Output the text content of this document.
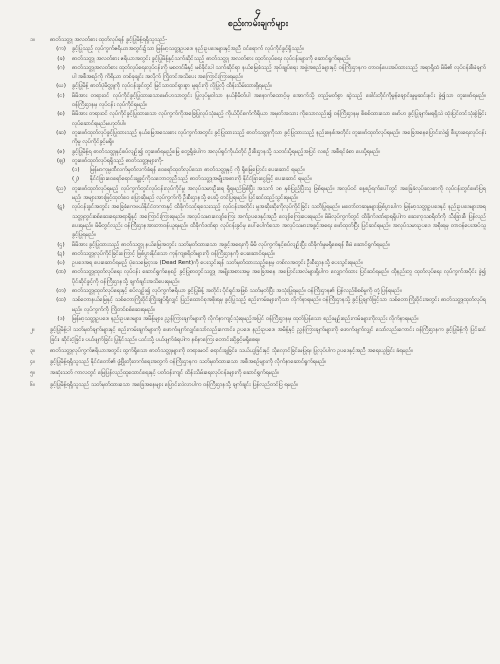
၄
စည်းကမ်းချက်များ
၁။	ဓာတ်သတ္တု အလတ်စား ထုတ်လုပ်ရန် ခွင့်ပြုမိန့်ရရှိသူသည်-
(က)	ခွင့်ပြုသည့် လုပ်ကွက်ဧရိယာအတွင်း၌သာ မြန်မာ့သတ္တုဥပဒေ၊ နည်းဥပဒေများနှင့်အညီ ဝင်ရောက် လုပ်ကိုင်ခွင့်ရှိသည်။
(ခ)	ဓာတ်သတ္တု အလတ်စား ဧရိယာအတွင်း ခွင့်ပြုမိန့်နှင့်သက်ဆိုင်သည့် ဓာတ်သတ္တု အလတ်စား ထုတ်လုပ်ရေး လုပ်ငန်းများကို ဆောင်ရွက်ရမည်။
(ဂ)	ဓာတ်သတ္တုအလတ်စား ထုတ်လုပ်ရေးလုပ်ငန်းကို မစတင်မီနှင့် မစ်ခိုင်းပါ သက်ဆိုင်ရာ နယ်မြေခံသည့် အုပ်ချုပ်ရေး အဖွဲ့အစည်းများနှင့် ဝန်ကြီးဌာနက တာဝန်ပေးအပ်ထားသည့် အရာရှိထံ မိမိ၏ လုပ်ငန်းစီမံချက်ပါ အစီအစဉ်ကို ကိရိယာ တစ်ခုချင်း အလိုက် ကြိုတင်အသိပေး အကြောင်းကြားရမည်။
(ဃ)	ခွင့်ပြုမိန့် ဓာတ်ပုံမိတ္တူကို လုပ်ငန်းခွင်တွင် မြင်သာထင်ရှားစွာ မူရင်းကို လိုပြုလို ထိန်းသိမ်းထားရှိရမည်။
(င)	မိမိအား တရားဝင် လုပ်ကိုင်ခွင့်ပြုထားသောမော်ဟသာတွင်း ပြုလုပ်မှုဝါသာ နယ်နိမိတ်ပါ အနောက်ထောင့်မှ အောက်သို့ တည့်မတ်စွာ ဆွဲသည့် ခေါင်းတိုင်ကိုမွန်ချောင်းမှုမှုဆင်းနင်း ခွဲ၍သာ တူးဖော်ရမည်။ ဝန်ကြီးဌာနမှ လုပ်ငန်း လုပ်ကိုင်ရမည်။
(စ)	မိမိအား တရားဝင် လုပ်ကိုင်ခွင့်ပြုထားသော လုပ်ကွက်ကိုအခြေပြုလုပ်သုံးမည့် ကိုယ်ပိုင်စက်ကိရိယာ အမှတ်အသား ကိုသောလည်း၍ ဝန်ကြီးဌာနမှ စိစစ်ထားသော မော်ဟ ခွင့်ပြုချက်မရရှိသဲ ထုံးပြင်တင်သုံးစွဲခြင်း လုပ်ဆောင်ရမည်မဟုတ်ပါ။
(ဆ)	တူးဖော်ထုတ်လုပ်ခွင့်ပြုထားသည့် နယ်မြေအသေးစား လုပ်ကွက်အတွင်း ခွင့်ပြုထားသည့် ဓာတ်သတ္တုကိုသာ ခွင့်ပြုထားသည့် နည်းစနစ်အတိုင်း တူးဖော်ထုတ်လုပ်ရမည်။ အခြေအနေပြောင်းလဲ၍ စီးပွားရေးလုပ်ငန်းကိုမူ လုပ်ကိုင်ခွင့်မရှိ။
(ဇ)	ခွင့်ပြုမိန့်ရ ဓာတ်သတ္တုနှင့်စပ်လျဉ်း၍ တူးဖော်ရမည့်မြေ တွေ့ရှိခဲ့ပါက အလုပ်ရှင်ကိုယ်တိုင် ဦးစီးဌာနသို့ သတင်းပို့ရမည့်အပြင် လစဉ် အစီရင်ခံစာ ပေးပို့ရမည်။
(ဈ)	တူးဖော်ထုတ်လုပ်ရရှိသည့် ဓာတ်သတ္တုများကို-
(၁)	မြန်မာကုမ္ပဏီလက်မှတ်လက်ခံရန် ဝေရော်ထုတ်လုပ်သော ဓာတ်သတ္တုနှင့် ကို ရှိမြေပြောင်း ပေးဆောင် ရမည်။
(၂)	နိုင်ငံခြားဝေရော်ရောင်းချခွင့်ကိုသဘောတူညီသည့် ဓာတ်သတ္တုအမျိုးအစားကို နိုင်ငံခြားငွေဖြင့် ပေးဆောင် ရမည်။
(ည)	တူးဖော်ထုတ်လုပ်ရမည့် လုပ်ကွက်တွင်လုပ်ငန်းလုပ်ကိုင်မှု အလုပ်သမားဦးရေ ရှိရမည်ဖြစ်ပြီး အသက် ၁၈ နှစ်ပြည့်ပြီးသူ ဖြစ်ရမည်။ အလုပ်ဝင် နေ့စဉ်ရက်ပေါ်တွင် အခြေခံလုပ်ခလစာကို လုပ်ငန်းတွင်ဖော်ပြရမည်၊ အများအားဖြင့်ထုတ်ဝေ ပြောဆိုမည် လုပ်ကွက်ကို ဦးစီးဌာနသို့ ပေးပို့ တင်ပြရမည်။ ပြင်ဆင်ထည့်သွင်းရမည်။
(ဋ)	လုပ်ငန်းခွင်အတွင်း အခြေခံကေဗယ်နိုင်ငံတကာနှင့် ထိခိုက်သင့်ရသေးသည့် လုပ်ငန်းအတိုင်း မှုအဆိုးဆိုးကိုလုပ်ကိုင်ခြင်း သတိပြုရမည်။ မတော်တဆမှုများဖြစ်ပွားပါက မြန်မာ့သတ္တုဥပဒေနှင့် နည်းဥပဒေများအရ သတ္တုတွင်းစစ်ဆေးရေးအရာရှိနှင့် အကြောင်းကြားရမည်။ အလုပ်သမားလျော်ကြေး အက်ဥပဒေနှင့်အညီ လျော်ကြေးပေးရမည်။ မိမိလုပ်ကွက်တွင် ထိခိုက်ဒဏ်ရာရရှိပါက ဆေးကုသစရိတ်ကို သီးခြားစီ ပြန်လည်ပေးရမည်။ မိမိတွင်လည်း ဝန်ကြီးဌာနအားတာဝန်ယူရမည်။ ထိခိုက်ဒဏ်ရာ လုပ်ငန်းခွင်မှ ပေါ်ပေါက်သော အလုပ်သမားအခွင့်အရေး ဖော်ထုတ်ပြီး ပြင်ဆင်ရမည်။ အလုပ်သမားဥပဒေ အစိုးရမှ တာဝန်ပေးအပ်သူ ခွင့်ပြုရမည်။
(ဌ)	မိမိအား ခွင့်ပြုထားသည့် ဓာတ်သတ္တု နယ်မြေအတွင်း သတ်မှတ်ထားသော အခွင့်အရေးကို မိမိ လုပ်ကွက်နှင့်စပ်လျဉ်းပြီး ထိခိုက်မှုမရှိစေရန် စီမံ ဆောင်ရွက်ရမည်။
(ဍ)	ဓာတ်သတ္တုလုပ်ကိုင်ခြင်းကြောင့် ဖြစ်ပွားနိုင်သော ကုန်ကျစရိတ်များကို ဝန်ကြီးဌာနကို ပေးဆောင်ရမည်။
(ဎ)	ဥပဒေအရ ပေးဆောင်ရမည့် ပုံသေမြေငှားခ (Dead Rent)ကို ပေးသွင်းရန် သတ်မှတ်ထားသည့်နေ့မှ တစ်လအတွင်း ဦးစီးဌာနသို့ ပေးသွင်းရမည်။
(ဏ)	ဓာတ်သတ္တုထုတ်လုပ်ရေး လုပ်ငန်း ဆောင်ရွက်နေစဉ် ခွင့်ပြုစာတွင်သတ္တု အမျိုးအစားအမှု အခြေအနေ အပြောင်းအလဲများရှိပါက လျှောက်ထား ပြင်ဆင်ရမည်။ ထိုနည်းတူ ထုတ်လုပ်ရေး လုပ်ကွက်အပိုင်း ခွဲ၍ ပိုင်ဆိုင်ခွင့်ကို ဝန်ကြီးဌာနသို့ ချက်ချင်းအသိပေးရမည်။
(တ)	ဓာတ်သတ္တုထုတ်လုပ်ရေးနှင့် စပ်လျဉ်း၍ လုပ်ကွက်ဧရိယာ ခွင့်ပြုမိန့် အတိုင်း ပိုင်ရှင်အဖြစ် သတ်မှတ်ပြီး အသုံးပြုရမည်။ ဝန်ကြီးဌာန၏ ပြန်လည်စိစစ်မှုကို တုံ့ပြန်ရမည်။
(ထ)	သစ်တောနယ်မြေနှင့် သစ်တောကြိုးဝိုင်းကြိုးချုပ်ရှိလျှင် ပြည်ထောင်စုအစိုးရမှ ခွင့်ပြုသည့် စည်းကမ်းများကိုသာ လိုက်နာရမည်။ ဝန်ကြီးဌာနသို့ ခွင့်ပြုချက်ဖြင့်သာ သစ်တောကြိုးဝိုင်းအတွင်း ဓာတ်သတ္တုထုတ်လုပ်ရမည်။ လုပ်ကွက်ကို ကြိုတင်စစ်ဆေးရမည်။
(ဒ)	မြန်မာ့သတ္တုဥပဒေ၊ နည်းဥပဒေများ၊ အမိန့်များ၊ ညွှန်ကြားချက်များကို လိုက်နာကျင့်သုံးရမည့်အပြင် ဝန်ကြီးဌာနမှ ထုတ်ပြန်သော စည်းမျဉ်းစည်းကမ်းများကိုလည်း လိုက်နာရမည်။
၂။	ခွင့်ပြုမိန့်ပါ သတ်မှတ်ချက်များနှင့် စည်းကမ်းချက်များကို ဖောက်ဖျက်လျှင်သော်လည်းကောင်း၊ ဥပဒေ၊ နည်းဥပဒေ၊ အမိန့်နှင့် ညွှန်ကြားချက်များကို ဖောက်ဖျက်လျှင် သော်လည်းကောင်း ဝန်ကြီးဌာနက ခွင့်ပြုမိန့်ကို ပြင်ဆင်ခြင်း၊ ဆိုင်းငံ့ခြင်း၊ ပယ်ဖျက်ခြင်း ပြုနိုင်သည်။ ယင်းသို့ ပယ်ဖျက်ခံရပါက နစ်နာကြေး တောင်းဆိုခွင့်မရှိစေရ။
၃။	ဓာတ်သတ္တုလုပ်ကွက်ဧရိယာအတွင်း ထွက်ရှိသော ဓာတ်သတ္တုများကို တရားမဝင် ရောင်းချခြင်း၊ သယ်ယူခြင်းနှင့် သိုလှောင်ခြင်းမပြုရ။ ပြုလုပ်ပါက ဥပဒေနှင့်အညီ အရေးယူခြင်း ခံရမည်။
၄။	ခွင့်ပြုမိန့်ရရှိသူသည် နိုင်ငံတော်၏ ဖွံ့ဖြိုးတိုးတက်ရေးအတွက် ဝန်ကြီးဌာနက သတ်မှတ်ထားသော အစီအစဉ်များကို လိုက်နာဆောင်ရွက်ရမည်။
၅။	အဆုံးသတ် ကာလတွင် မြေပြန်လည်ထူထောင်ရေးနှင့် ပတ်ဝန်းကျင် ထိန်းသိမ်းရေးလုပ်ငန်းများကို ဆောင်ရွက်ရမည်။
၆။	ခွင့်ပြုမိန့်ရရှိသူသည် သတ်မှတ်ထားသော အခြေအနေများ ပြောင်းလဲလာပါက ဝန်ကြီးဌာနသို့ ချက်ချင်း ပြန်လည်တင်ပြ ရမည်။
